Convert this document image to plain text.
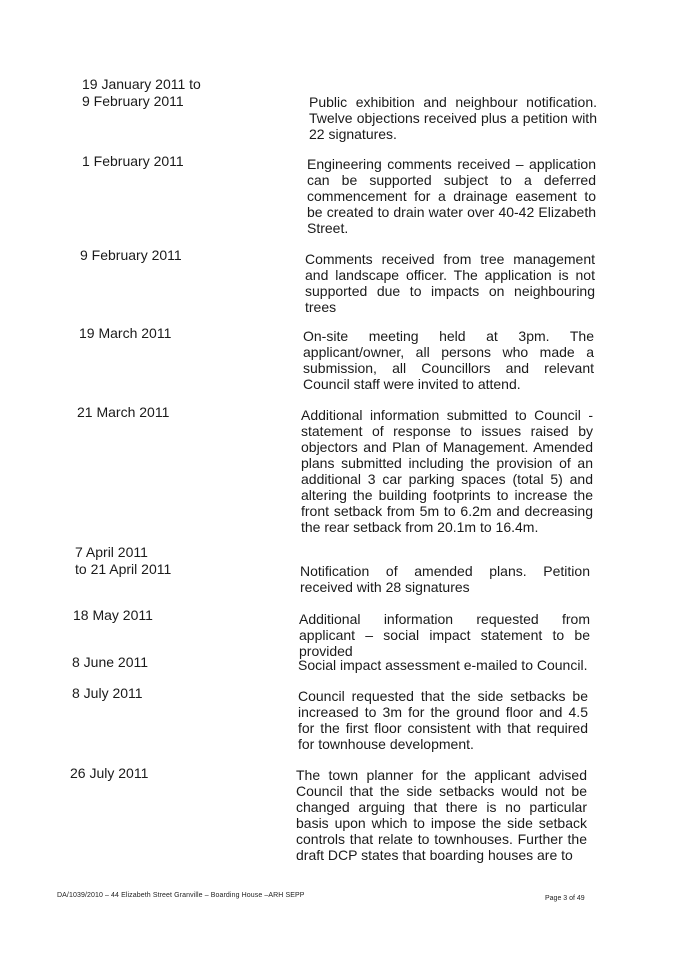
19 January 2011 to
9 February 2011	Public exhibition and neighbour notification. Twelve objections received plus a petition with 22 signatures.
1 February 2011	Engineering comments received – application can be supported subject to a deferred commencement for a drainage easement to be created to drain water over 40-42 Elizabeth Street.
9 February 2011	Comments received from tree management and landscape officer. The application is not supported due to impacts on neighbouring trees
19 March 2011	On-site meeting held at 3pm. The applicant/owner, all persons who made a submission, all Councillors and relevant Council staff were invited to attend.
21 March 2011	Additional information submitted to Council - statement of response to issues raised by objectors and Plan of Management. Amended plans submitted including the provision of an additional 3 car parking spaces (total 5) and altering the building footprints to increase the front setback from 5m to 6.2m and decreasing the rear setback from 20.1m to 16.4m.
7 April 2011
to 21 April 2011	Notification of amended plans. Petition received with 28 signatures
18 May 2011	Additional information requested from applicant – social impact statement to be provided
8 June 2011	Social impact assessment e-mailed to Council.
8 July 2011	Council requested that the side setbacks be increased to 3m for the ground floor and 4.5 for the first floor consistent with that required for townhouse development.
26 July 2011	The town planner for the applicant advised Council that the side setbacks would not be changed arguing that there is no particular basis upon which to impose the side setback controls that relate to townhouses. Further the draft DCP states that boarding houses are to
DA/1039/2010 – 44 Elizabeth Street Granville – Boarding House –ARH SEPP	Page 3 of 49
